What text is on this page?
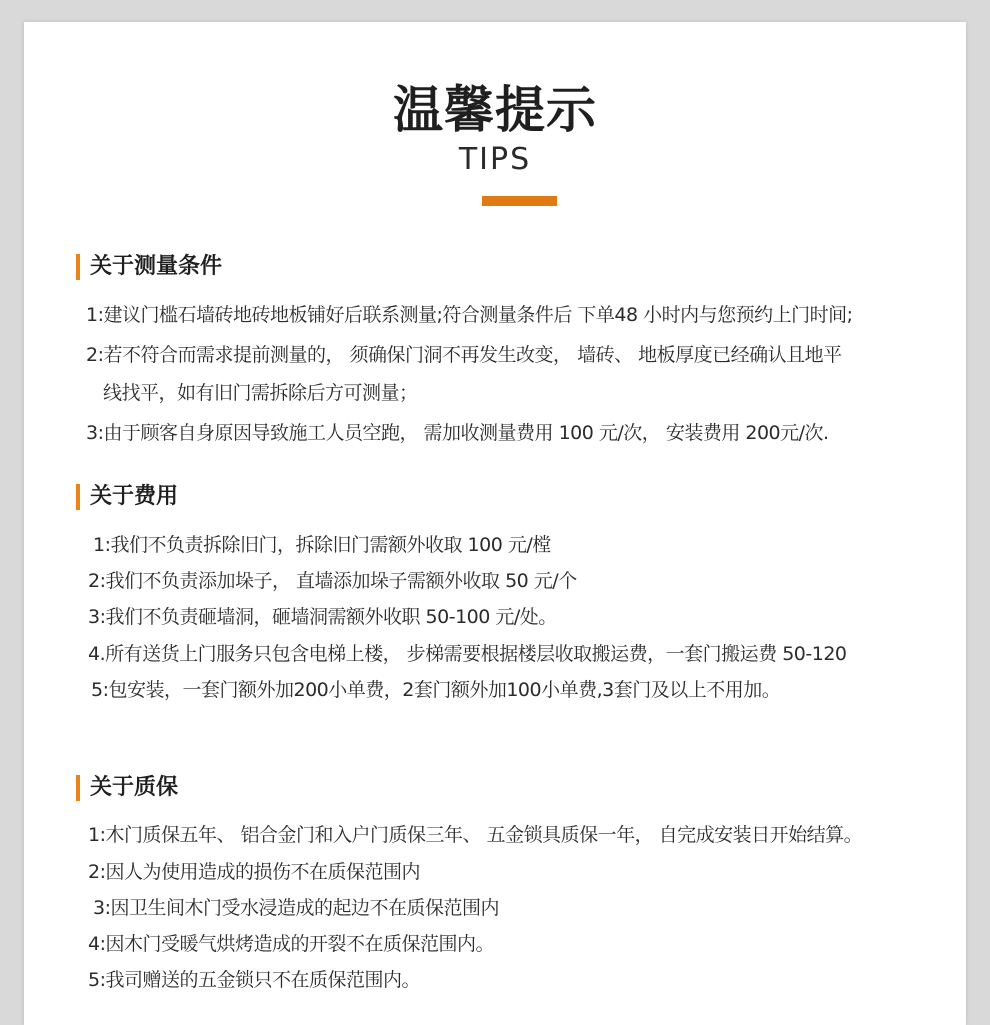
温馨提示
TIPS
关于测量条件
1:建议门槛石墙砖地砖地板铺好后联系测量;符合测量条件后 下单48 小时内与您预约上门时间;
2:若不符合而需求提前测量的， 须确保门洞不再发生改变， 墙砖、 地板厚度已经确认且地平
线找平，如有旧门需拆除后方可测量；
3:由于顾客自身原因导致施工人员空跑， 需加收测量费用 100 元/次， 安装费用 200元/次.
关于费用
1:我们不负责拆除旧门，拆除旧门需额外收取 100 元/樘
2:我们不负责添加垛子， 直墙添加垛子需额外收取 50 元/个
3:我们不负责砸墙洞，砸墙洞需额外收职 50-100 元/处。
4.所有送货上门服务只包含电梯上楼， 步梯需要根据楼层收取搬运费，一套门搬运费 50-120
5:包安装，一套门额外加200小单费，2套门额外加100小单费,3套门及以上不用加。
关于质保
1:木门质保五年、 铝合金门和入户门质保三年、 五金锁具质保一年， 自完成安装日开始结算。
2:因人为使用造成的损伤不在质保范围内
3:因卫生间木门受水浸造成的起边不在质保范围内
4:因木门受暖气烘烤造成的开裂不在质保范围内。
5:我司赠送的五金锁只不在质保范围内。
